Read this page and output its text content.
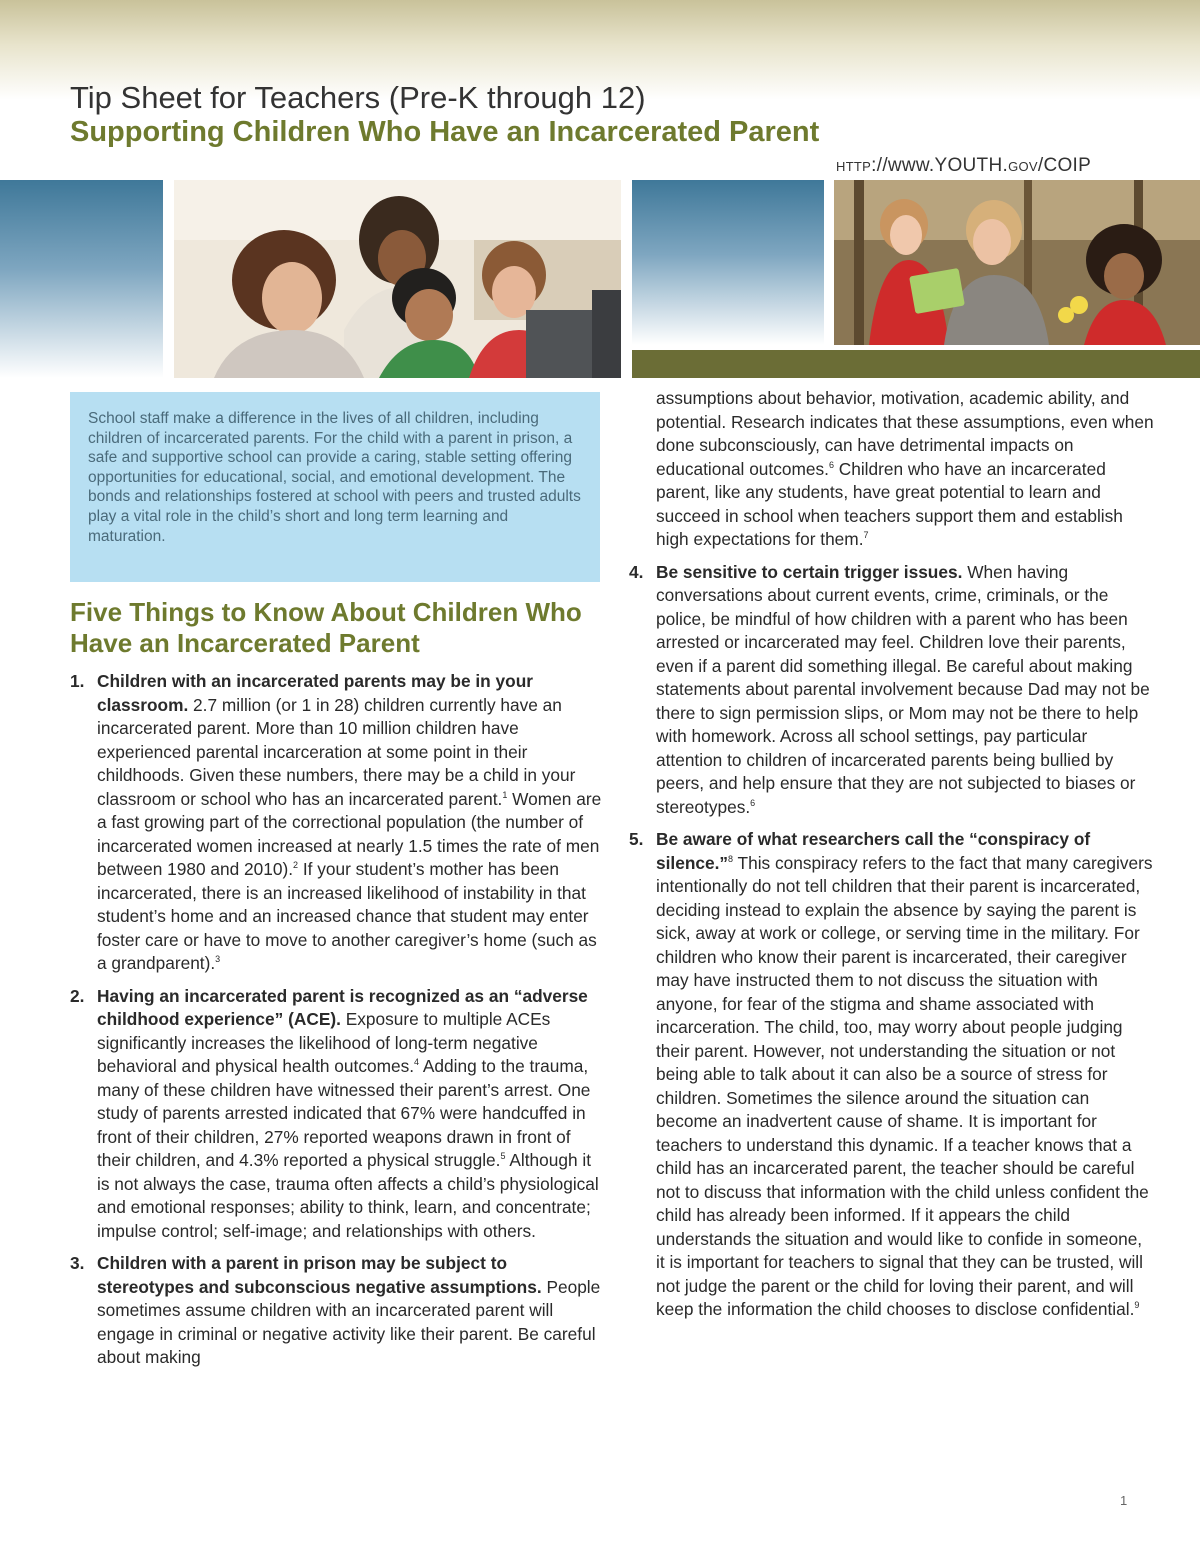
Tip Sheet for Teachers (Pre-K through 12)
Supporting Children Who Have an Incarcerated Parent
HTTP://www.YOUTH.GOV/COIP

School staff make a difference in the lives of all children, including children of incarcerated parents. For the child with a parent in prison, a safe and supportive school can provide a caring, stable setting offering opportunities for educational, social, and emotional development. The bonds and relationships fostered at school with peers and trusted adults play a vital role in the child’s short and long term learning and maturation.

Five Things to Know About Children Who Have an Incarcerated Parent
1. Children with an incarcerated parents may be in your classroom. 2.7 million (or 1 in 28) children currently have an incarcerated parent. More than 10 million children have experienced parental incarceration at some point in their childhoods. Given these numbers, there may be a child in your classroom or school who has an incarcerated parent.$^1$ Women are a fast growing part of the correctional population (the number of incarcerated women increased at nearly 1.5 times the rate of men between 1980 and 2010).$^2$ If your student’s mother has been incarcerated, there is an increased likelihood of instability in that student’s home and an increased chance that student may enter foster care or have to move to another caregiver’s home (such as a grandparent).$^3$

2. Having an incarcerated parent is recognized as an “adverse childhood experience” (ACE). Exposure to multiple ACEs significantly increases the likelihood of long-term negative behavioral and physical health outcomes.$^4$ Adding to the trauma, many of these children have witnessed their parent’s arrest. One study of parents arrested indicated that 67% were handcuffed in front of their children, 27% reported weapons drawn in front of their children, and 4.3% reported a physical struggle.$^5$ Although it is not always the case, trauma often affects a child’s physiological and emotional responses; ability to think, learn, and concentrate; impulse control; self-image; and relationships with others.

3. Children with a parent in prison may be subject to stereotypes and subconscious negative assumptions. People sometimes assume children with an incarcerated parent will engage in criminal or negative activity like their parent. Be careful about making

assumptions about behavior, motivation, academic ability, and potential. Research indicates that these assumptions, even when done subconsciously, can have detrimental impacts on educational outcomes.$^6$ Children who have an incarcerated parent, like any students, have great potential to learn and succeed in school when teachers support them and establish high expectations for them.$^7$

4. Be sensitive to certain trigger issues. When having conversations about current events, crime, criminals, or the police, be mindful of how children with a parent who has been arrested or incarcerated may feel. Children love their parents, even if a parent did something illegal. Be careful about making statements about parental involvement because Dad may not be there to sign permission slips, or Mom may not be there to help with homework. Across all school settings, pay particular attention to children of incarcerated parents being bullied by peers, and help ensure that they are not subjected to biases or stereotypes.$^6$

5. Be aware of what researchers call the “conspiracy of silence.”$^8$ This conspiracy refers to the fact that many caregivers intentionally do not tell children that their parent is incarcerated, deciding instead to explain the absence by saying the parent is sick, away at work or college, or serving time in the military. For children who know their parent is incarcerated, their caregiver may have instructed them to not discuss the situation with anyone, for fear of the stigma and shame associated with incarceration. The child, too, may worry about people judging their parent. However, not understanding the situation or not being able to talk about it can also be a source of stress for children. Sometimes the silence around the situation can become an inadvertent cause of shame. It is important for teachers to understand this dynamic. If a teacher knows that a child has an incarcerated parent, the teacher should be careful not to discuss that information with the child unless confident the child has already been informed. If it appears the child understands the situation and would like to confide in someone, it is important for teachers to signal that they can be trusted, will not judge the parent or the child for loving their parent, and will keep the information the child chooses to disclose confidential.$^9$

1
